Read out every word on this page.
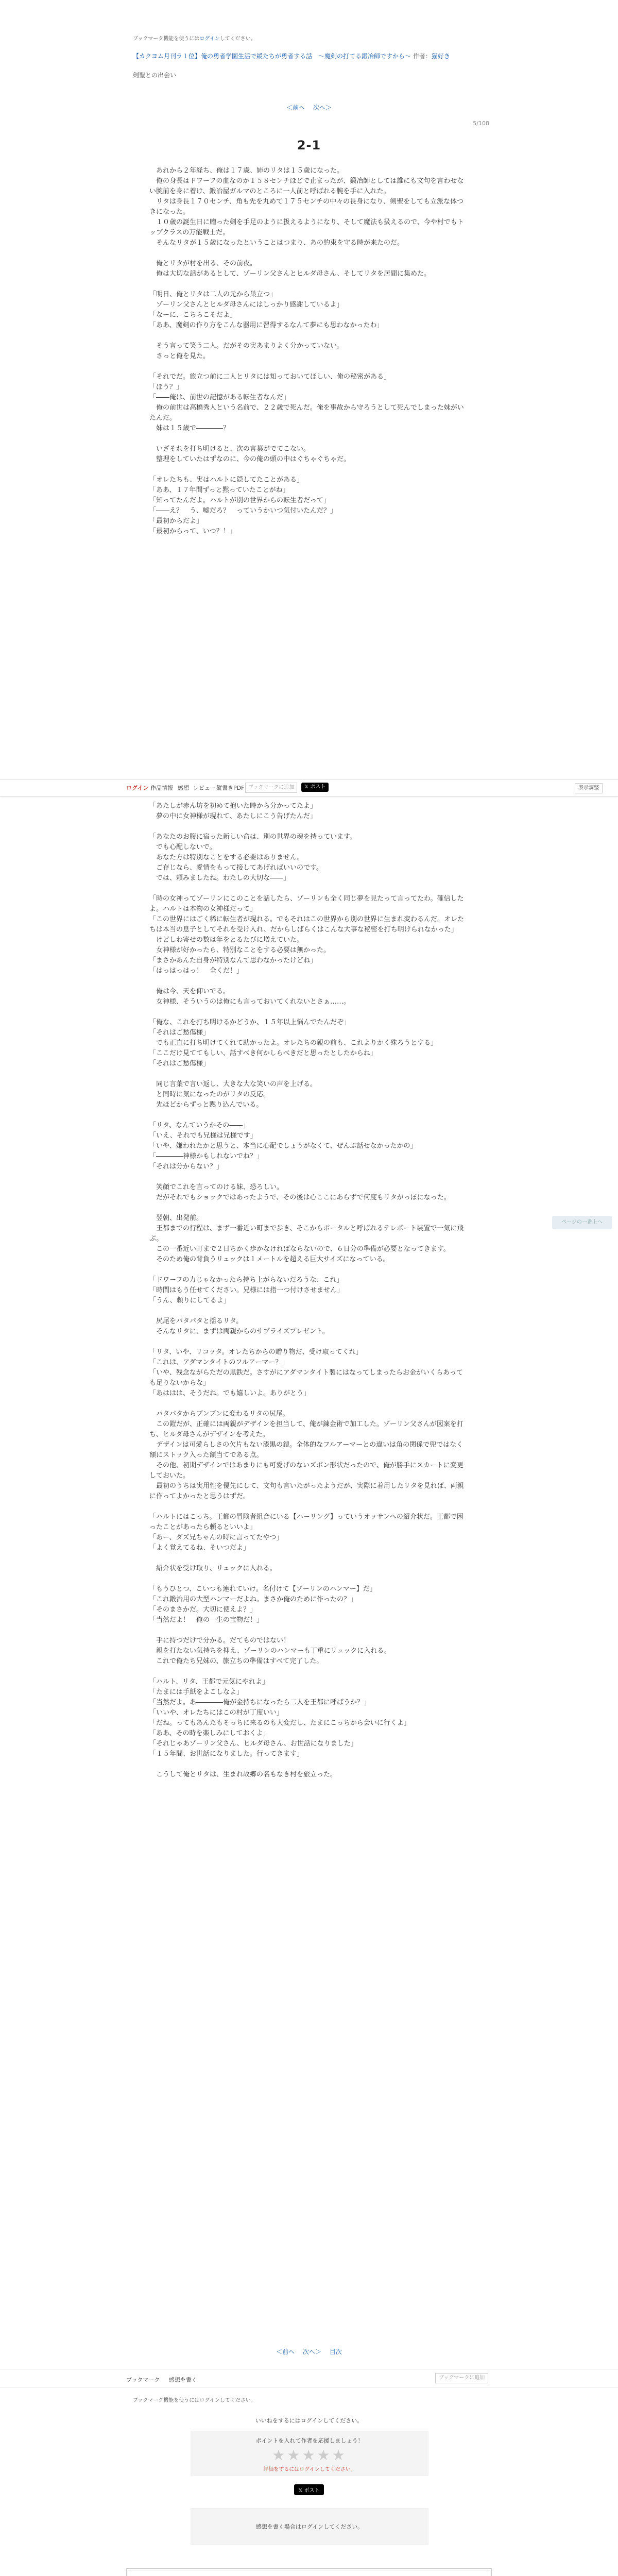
ブックマーク機能を使うにはログインしてください。
【カクヨム月刊ラ１位】俺の勇者学園生活で緩たちが勇者する話　〜魔剣の打てる鍛冶師ですから〜 作者：猫好き
剣聖との出会い
＜前へ 次へ＞
5/108
2-1

　あれから２年経ち、俺は１７歳、姉のリタは１５歳になった。

　俺の身長はドワーフの血なのか１５８センチほどで止まったが、鍛冶師としては誰にも文句を言わせない腕前を身に着け、鍛冶屋ガルマのところに一人前と呼ばれる腕を手に入れた。

　リタは身長１７０センチ、角も先を丸めて１７５センチの中々の長身になり、剣聖をしても立派な体つきになった。

　１０歳の誕生日に贈った剣を手足のように扱えるようになり、そして魔法も扱えるので、今や村でもトップクラスの万能戦士だ。

　そんなリタが１５歳になったということはつまり、あの約束を守る時が来たのだ。

　俺とリタが村を出る、その前夜。

　俺は大切な話があるとして、ゾーリン父さんとヒルダ母さん、そしてリタを居間に集めた。

「明日、俺とリタは二人の元から巣立つ」

　ゾーリン父さんとヒルダ母さんにはしっかり感謝しているよ」

「なーに、こちらこそだよ」

「ああ、魔剣の作り方をこんな器用に習得するなんて夢にも思わなかったわ」

　そう言って笑う二人。だがその実あまりよく分かっていない。

　さっと俺を見た。

「それでだ。旅立つ前に二人とリタには知っておいてほしい、俺の秘密がある」

「ほう？」

「――俺は、前世の記憶がある転生者なんだ」

　俺の前世は高橋秀人という名前で、２２歳で死んだ。俺を事故から守ろうとして死んでしまった妹がいたんだ。

　妹は１５歳で――――？

　いざそれを打ち明けると、次の言葉がでてこない。

　整理をしていたはずなのに、今の俺の頭の中はぐちゃぐちゃだ。

「オレたちも、実はハルトに隠してたことがある」

「ああ、１７年間ずっと黙っていたことがね」

「知ってたんだよ。ハルトが別の世界からの転生者だって」

「――え？　う、嘘だろ？　っていうかいつ気付いたんだ？」

「最初からだよ」

「最初からって、いつ？！」

ログイン 作品情報 感想 レビュー 縦書きPDF ブックマークに追加	𝕏 ポスト	表示調整

「あたしが赤ん坊を初めて抱いた時から分かってたよ」

　夢の中に女神様が現れて、あたしにこう告げたんだ」

「あなたのお腹に宿った新しい命は、別の世界の魂を持っています。

　でも心配しないで。

　あなた方は特別なことをする必要はありません。

　ご存じなら、愛情をもって接してあげればいいのです。

　では、頼みましたね。わたしの大切な――」

「時の女神ってゾーリンにこのことを話したら、ゾーリンも全く同じ夢を見たって言ってたわ。確信したよ。ハルトは本物の女神様だって」

「この世界にはごく稀に転生者が現れる。でもそれはこの世界から別の世界に生まれ変わるんだ。オレたちは本当の息子としてそれを受け入れ、だからしばらくはこんな大事な秘密を打ち明けられなかった」

　けどしわ寄せの数は年をとるたびに増えていた。

　女神様が好かったら、特別なことをする必要は無かった。

「まさかあんた自身が特別なんて思わなかったけどね」

「はっはっはっ！　全くだ！」

　俺は今、天を仰いでる。

　女神様、そういうのは俺にも言っておいてくれないとさぁ……。

「俺な、これを打ち明けるかどうか、１５年以上悩んでたんだぞ」

「それはご愁傷様」

　でも正直に打ち明けてくれて助かったよ。オレたちの親の前も、これよりかく殊ろうとする」

「ここだけ見ててもしい、話すべき何かしらべきだと思ったとしたからね」

「それはご愁傷様」

　同じ言葉で言い返し、大きな大な笑いの声を上げる。

　と同時に気になったのがリタの反応。

　先ほどからずっと黙り込んでいる。

「リタ、なんていうかその――」

「いえ、それでも兄様は兄様です」

「いや、嫌われたかと思うと、本当に心配でしょうがなくて、ぜんぶ話せなかったかの」

「――――神様かもしれないでね？」

「それは分からない？」

　笑顔でこれを言ってのける妹、恐ろしい。

　だがそれでもショックではあったようで、その後は心ここにあらずで何度もリタがっぽになった。

　翌朝、出発前。

　王都までの行程は、まず一番近い町まで歩き、そこからポータルと呼ばれるテレポート装置で一気に飛ぶ。

　この一番近い町まで２日ちかく歩かなければならないので、６日分の準備が必要となってきます。

　そのため俺の背負うリュックは１メートルを超える巨大サイズになっている。

「ドワーフの力じゃなかったら持ち上がらないだろうな、これ」

「時間はもう任せてください。兄様には指一つ付けさせません」

「うん、頼りにしてるよ」

　尻尾をパタパタと揺るリタ。

　そんなリタに、まずは両親からのサプライズプレゼント。

「リタ、いや、リコッタ。オレたちからの贈り物だ、受け取ってくれ」

「これは、アダマンタイトのフルアーマー？」

「いや、残念ながらただの黒鉄だ。さすがにアダマンタイト製にはなってしまったらお金がいくらあっても足りないからな」

「あははは、そうだね。でも嬉しいよ。ありがとう」

　パタパタからブンブンに変わるリタの尻尾。

　この鎧だが、正確には両親がデザインを担当して、俺が錬金術で加工した。ゾーリン父さんが図案を打ち、ヒルダ母さんがデザインを考えた。

　デザインは可愛らしさの欠片もない漆黒の鎧。全体的なフルアーマーとの違いは角の関係で兜ではなく額にストック入った額当てである点。

　その他、初期デザインではあまりにも可愛げのないズボン形状だったので、俺が勝手にスカートに変更しておいた。

　最初のうちは実用性を優先にして、文句も言いたがったようだが、実際に着用したリタを見れば、両親に作ってよかったと思うはずだ。

「ハルトにはこっち。王都の冒険者組合にいる【ハーリング】っていうオッサンへの紹介状だ。王都で困ったことがあったら頼るといいよ」

「あー、ダズ兄ちゃんの時に言ってたやつ」

「よく覚えてるね、そいつだよ」

　紹介状を受け取り、リュックに入れる。

「もうひとつ、こいつも連れていけ。名付けて【ゾーリンのハンマー】だ」

「これ鍛治用の大型ハンマーだよね。まさか俺のために作ったの？」

「そのまさかだ。大切に使えよ？」

「当然だよ！　俺の一生の宝物だ！」

　手に持つだけで分かる。だてものではない！

　親を打たない気持ちを抑え、ゾーリンのハンマーも丁重にリュックに入れる。

　これで俺たち兄妹の、旅立ちの準備はすべて完了した。

「ハルト、リタ、王都で元気にやれよ」

「たまには手紙をよこしなよ」

「当然だよ。あ――――俺が金持ちになったら二人を王都に呼ばうか？」

「いいや、オレたちにはこの村が丁度いい」

「だね。ってもあんたもそっちに来るのも大変だし、たまにこっちから会いに行くよ」

「ああ、その時を楽しみにしておくよ」

「それじゃあゾーリン父さん、ヒルダ母さん、お世話になりました」

「１５年間、お世話になりました。行ってきます」

　こうして俺とリタは、生まれ故郷の名もなき村を旅立った。

ページの一番上へ
＜前へ 次へ＞ 目次
ブックマーク 感想を書く	ブックマークに追加
ブックマーク機能を使うにはログインしてください。
いいねをするにはログインしてください。
ポイントを入れて作者を応援しましょう！
★★★★★
評価をするにはログインしてください。
𝕏 ポスト
感想を書く場合はログインしてください。
